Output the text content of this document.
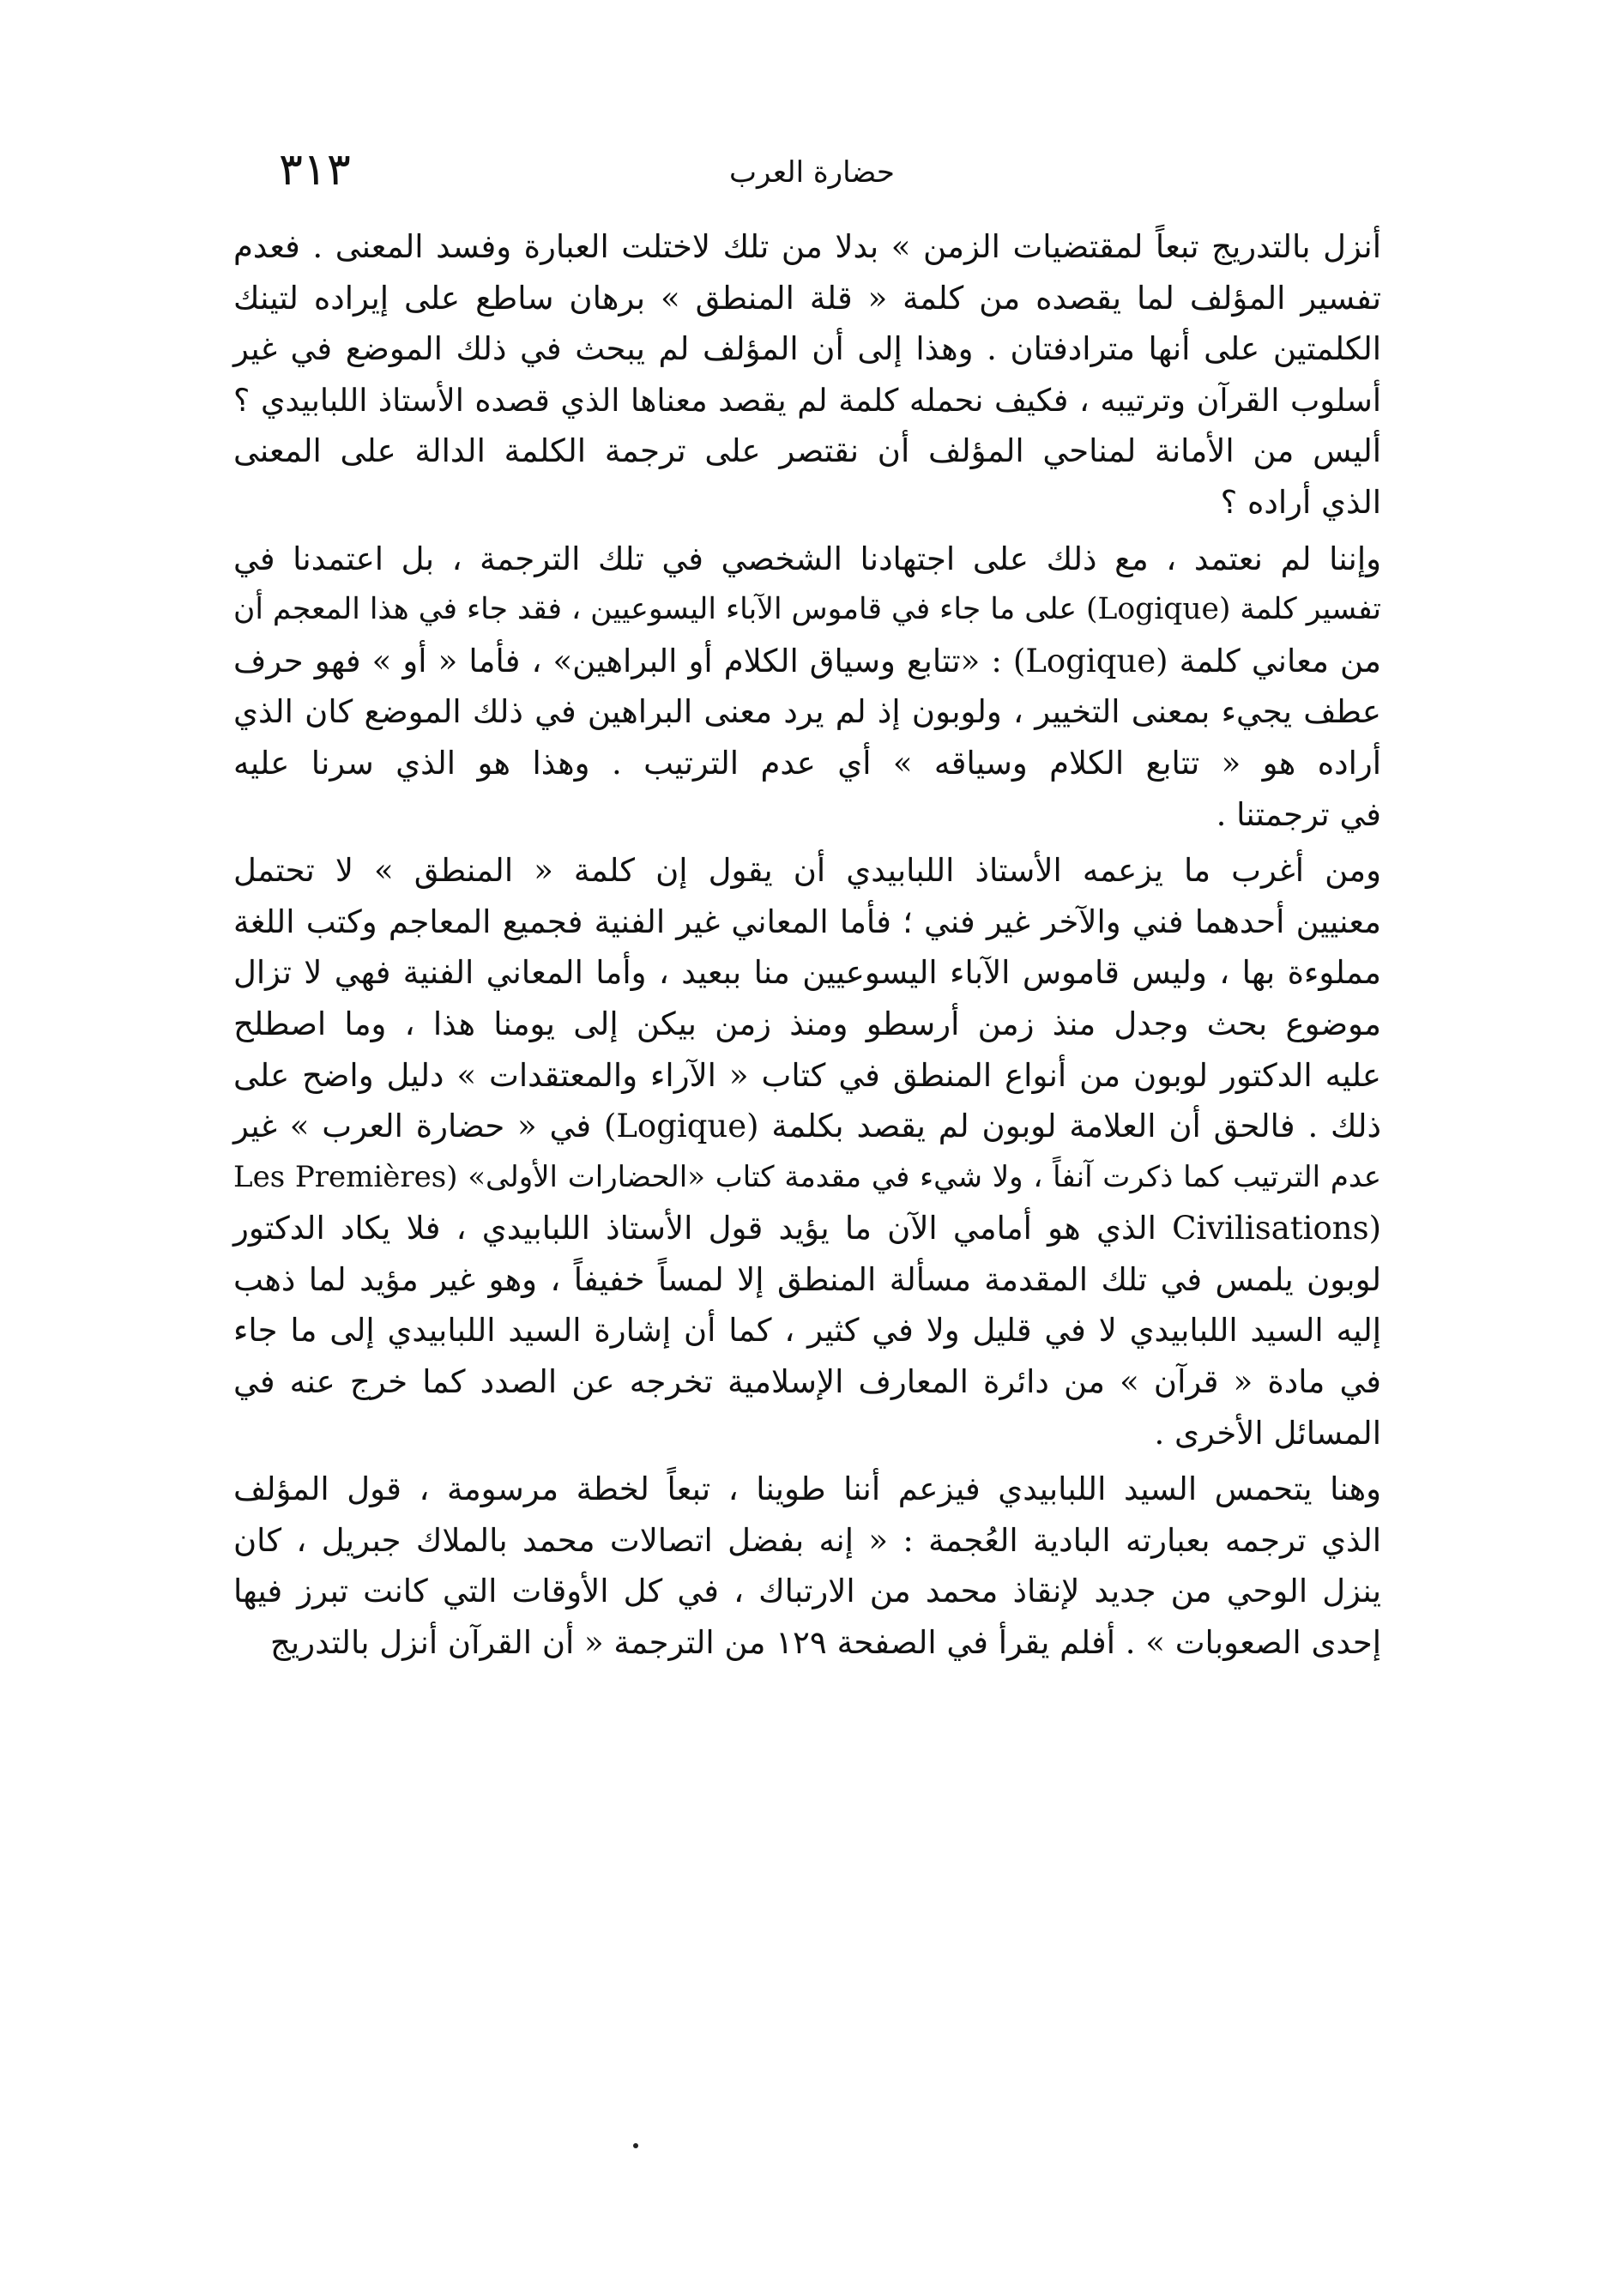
حضارة العرب
٣١٣
أنزل بالتدريج تبعاً لمقتضيات الزمن » بدلا من تلك لاختلت العبارة وفسد المعنى . فعدم
تفسير المؤلف لما يقصده من كلمة « قلة المنطق » برهان ساطع على إيراده لتينك
الكلمتين على أنها مترادفتان . وهذا إلى أن المؤلف لم يبحث في ذلك الموضع في غير
أسلوب القرآن وترتيبه ، فكيف نحمله كلمة لم يقصد معناها الذي قصده الأستاذ اللبابيدي ؟
أليس من الأمانة لمناحي المؤلف أن نقتصر على ترجمة الكلمة الدالة على المعنى
الذي أراده ؟
وإننا لم نعتمد ، مع ذلك على اجتهادنا الشخصي في تلك الترجمة ، بل اعتمدنا في
تفسير كلمة (Logique) على ما جاء في قاموس الآباء اليسوعيين ، فقد جاء في هذا المعجم أن
من معاني كلمة (Logique) : «تتابع وسياق الكلام أو البراهين» ، فأما « أو » فهو حرف
عطف يجيء بمعنى التخيير ، ولوبون إذ لم يرد معنى البراهين في ذلك الموضع كان الذي
أراده هو « تتابع الكلام وسياقه » أي عدم الترتيب . وهذا هو الذي سرنا عليه
في ترجمتنا .
ومن أغرب ما يزعمه الأستاذ اللبابيدي أن يقول إن كلمة « المنطق » لا تحتمل
معنيين أحدهما فني والآخر غير فني ؛ فأما المعاني غير الفنية فجميع المعاجم وكتب اللغة
مملوءة بها ، وليس قاموس الآباء اليسوعيين منا ببعيد ، وأما المعاني الفنية فهي لا تزال
موضوع بحث وجدل منذ زمن أرسطو ومنذ زمن بيكن إلى يومنا هذا ، وما اصطلح
عليه الدكتور لوبون من أنواع المنطق في كتاب « الآراء والمعتقدات » دليل واضح على
ذلك . فالحق أن العلامة لوبون لم يقصد بكلمة (Logique) في « حضارة العرب » غير
عدم الترتيب كما ذكرت آنفاً ، ولا شيء في مقدمة كتاب «الحضارات الأولى» (Les Premières
(Civilisations الذي هو أمامي الآن ما يؤيد قول الأستاذ اللبابيدي ، فلا يكاد الدكتور
لوبون يلمس في تلك المقدمة مسألة المنطق إلا لمساً خفيفاً ، وهو غير مؤيد لما ذهب
إليه السيد اللبابيدي لا في قليل ولا في كثير ، كما أن إشارة السيد اللبابيدي إلى ما جاء
في مادة « قرآن » من دائرة المعارف الإسلامية تخرجه عن الصدد كما خرج عنه في
المسائل الأخرى .
وهنا يتحمس السيد اللبابيدي فيزعم أننا طوينا ، تبعاً لخطة مرسومة ، قول المؤلف
الذي ترجمه بعبارته البادية العُجمة : « إنه بفضل اتصالات محمد بالملاك جبريل ، كان
ينزل الوحي من جديد لإنقاذ محمد من الارتباك ، في كل الأوقات التي كانت تبرز فيها
إحدى الصعوبات » . أفلم يقرأ في الصفحة ١٢٩ من الترجمة « أن القرآن أنزل بالتدريج
